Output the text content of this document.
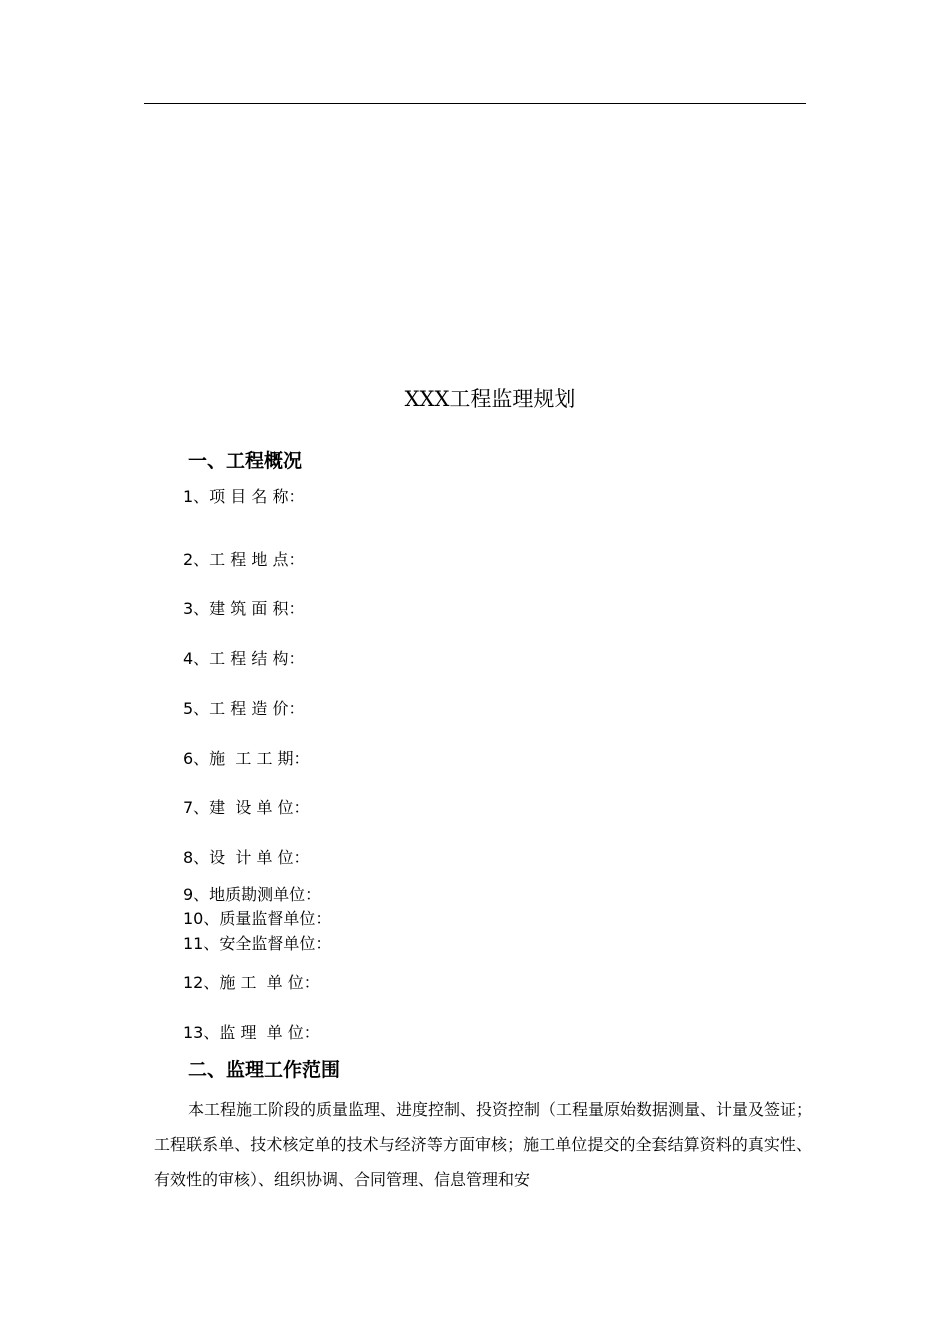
XXX工程监理规划
一、工程概况
1、项 目 名 称：
2、工 程 地 点：
3、建 筑 面 积：
4、工 程 结 构：
5、工 程 造 价：
6、施  工 工 期：
7、建  设 单 位：
8、设  计 单 位：
9、地质勘测单位：
10、质量监督单位：
11、安全监督单位：
12、施 工  单 位：
13、监 理  单 位：
二、监理工作范围

本工程施工阶段的质量监理、进度控制、投资控制（工程量原始数据测量、计量及签证；工程联系单、技术核定单的技术与经济等方面审核；施工单位提交的全套结算资料的真实性、有效性的审核）、组织协调、合同管理、信息管理和安
